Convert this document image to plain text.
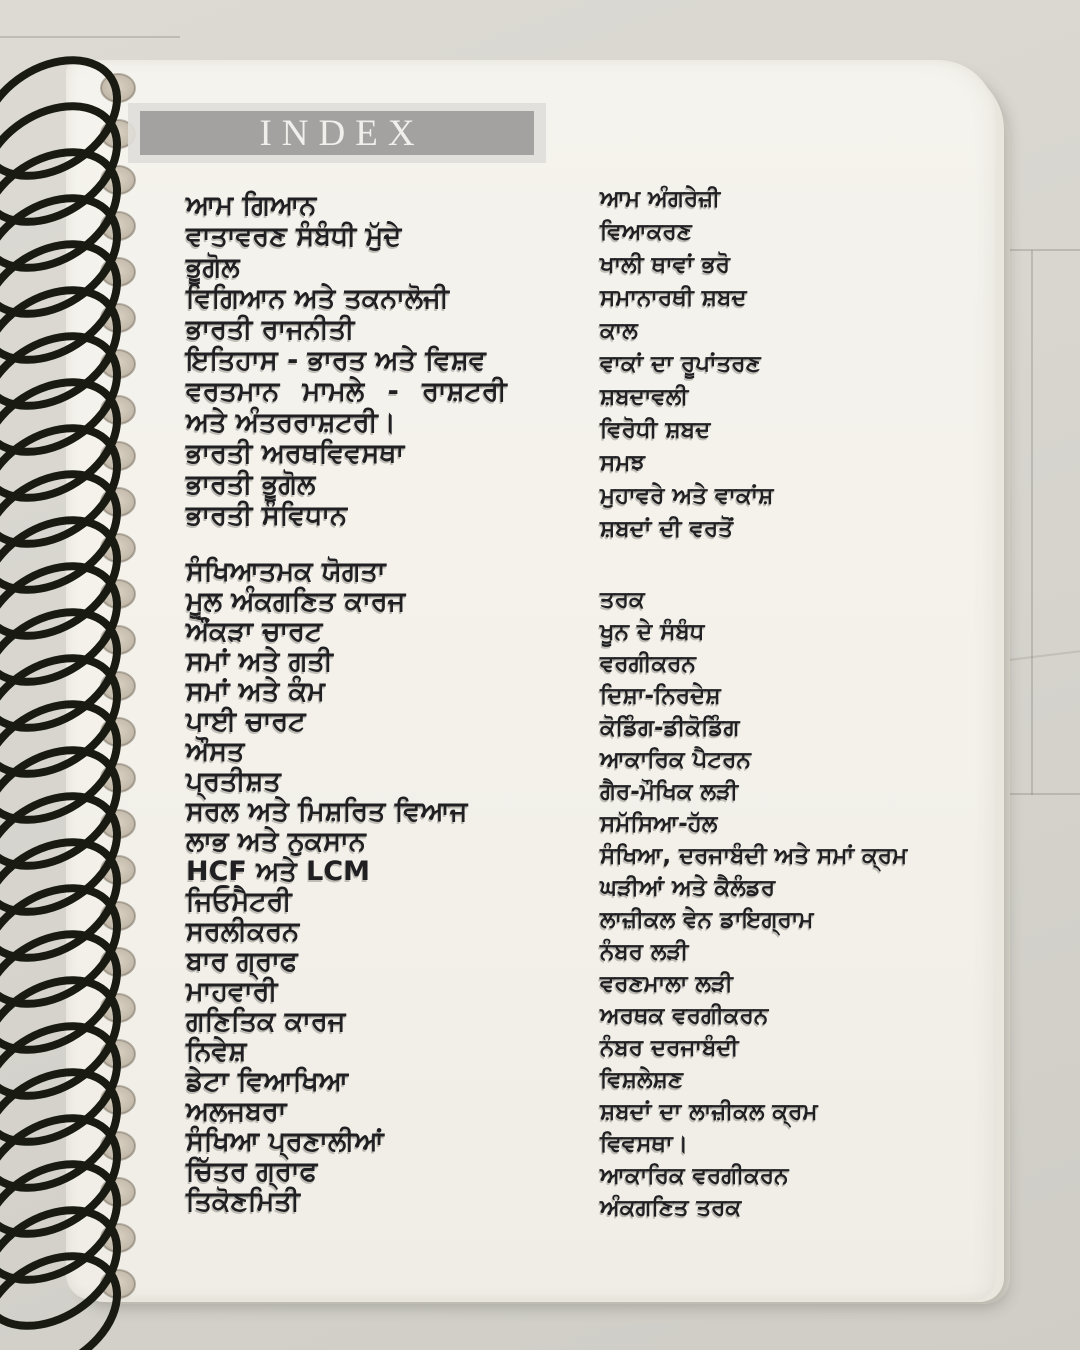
INDEX
ਆਮ ਗਿਆਨ
ਵਾਤਾਵਰਣ ਸੰਬੰਧੀ ਮੁੱਦੇ
ਭੂਗੋਲ
ਵਿਗਿਆਨ ਅਤੇ ਤਕਨਾਲੋਜੀ
ਭਾਰਤੀ ਰਾਜਨੀਤੀ
ਇਤਿਹਾਸ - ਭਾਰਤ ਅਤੇ ਵਿਸ਼ਵ
ਵਰਤਮਾਨ ਮਾਮਲੇ - ਰਾਸ਼ਟਰੀ
ਅਤੇ ਅੰਤਰਰਾਸ਼ਟਰੀ।
ਭਾਰਤੀ ਅਰਥਵਿਵਸਥਾ
ਭਾਰਤੀ ਭੂਗੋਲ
ਭਾਰਤੀ ਸੰਵਿਧਾਨ
ਸੰਖਿਆਤਮਕ ਯੋਗਤਾ
ਮੂਲ ਅੰਕਗਣਿਤ ਕਾਰਜ
ਔਂਕੜਾ ਚਾਰਟ
ਸਮਾਂ ਅਤੇ ਗਤੀ
ਸਮਾਂ ਅਤੇ ਕੰਮ
ਪਾਈ ਚਾਰਟ
ਔਸਤ
ਪ੍ਰਤੀਸ਼ਤ
ਸਰਲ ਅਤੇ ਮਿਸ਼ਰਿਤ ਵਿਆਜ
ਲਾਭ ਅਤੇ ਨੁਕਸਾਨ
HCF ਅਤੇ LCM
ਜਿਓਮੈਟਰੀ
ਸਰਲੀਕਰਨ
ਬਾਰ ਗ੍ਰਾਫ
ਮਾਹਵਾਰੀ
ਗਣਿਤਿਕ ਕਾਰਜ
ਨਿਵੇਸ਼
ਡੇਟਾ ਵਿਆਖਿਆ
ਅਲਜਬਰਾ
ਸੰਖਿਆ ਪ੍ਰਣਾਲੀਆਂ
ਚਿੱਤਰ ਗ੍ਰਾਫ
ਤਿਕੋਣਮਿਤੀ
ਆਮ ਅੰਗਰੇਜ਼ੀ
ਵਿਆਕਰਣ
ਖਾਲੀ ਥਾਵਾਂ ਭਰੋ
ਸਮਾਨਾਰਥੀ ਸ਼ਬਦ
ਕਾਲ
ਵਾਕਾਂ ਦਾ ਰੂਪਾਂਤਰਣ
ਸ਼ਬਦਾਵਲੀ
ਵਿਰੋਧੀ ਸ਼ਬਦ
ਸਮਝ
ਮੁਹਾਵਰੇ ਅਤੇ ਵਾਕਾਂਸ਼
ਸ਼ਬਦਾਂ ਦੀ ਵਰਤੋਂ
ਤਰਕ
ਖੂਨ ਦੇ ਸੰਬੰਧ
ਵਰਗੀਕਰਨ
ਦਿਸ਼ਾ-ਨਿਰਦੇਸ਼
ਕੋਡਿੰਗ-ਡੀਕੋਡਿੰਗ
ਆਕਾਰਿਕ ਪੈਟਰਨ
ਗੈਰ-ਮੌਖਿਕ ਲੜੀ
ਸਮੱਸਿਆ-ਹੱਲ
ਸੰਖਿਆ, ਦਰਜਾਬੰਦੀ ਅਤੇ ਸਮਾਂ ਕ੍ਰਮ
ਘੜੀਆਂ ਅਤੇ ਕੈਲੰਡਰ
ਲਾਜ਼ੀਕਲ ਵੇਨ ਡਾਇਗ੍ਰਾਮ
ਨੰਬਰ ਲੜੀ
ਵਰਣਮਾਲਾ ਲੜੀ
ਅਰਥਕ ਵਰਗੀਕਰਨ
ਨੰਬਰ ਦਰਜਾਬੰਦੀ
ਵਿਸ਼ਲੇਸ਼ਣ
ਸ਼ਬਦਾਂ ਦਾ ਲਾਜ਼ੀਕਲ ਕ੍ਰਮ
ਵਿਵਸਥਾ।
ਆਕਾਰਿਕ ਵਰਗੀਕਰਨ
ਅੰਕਗਣਿਤ ਤਰਕ
